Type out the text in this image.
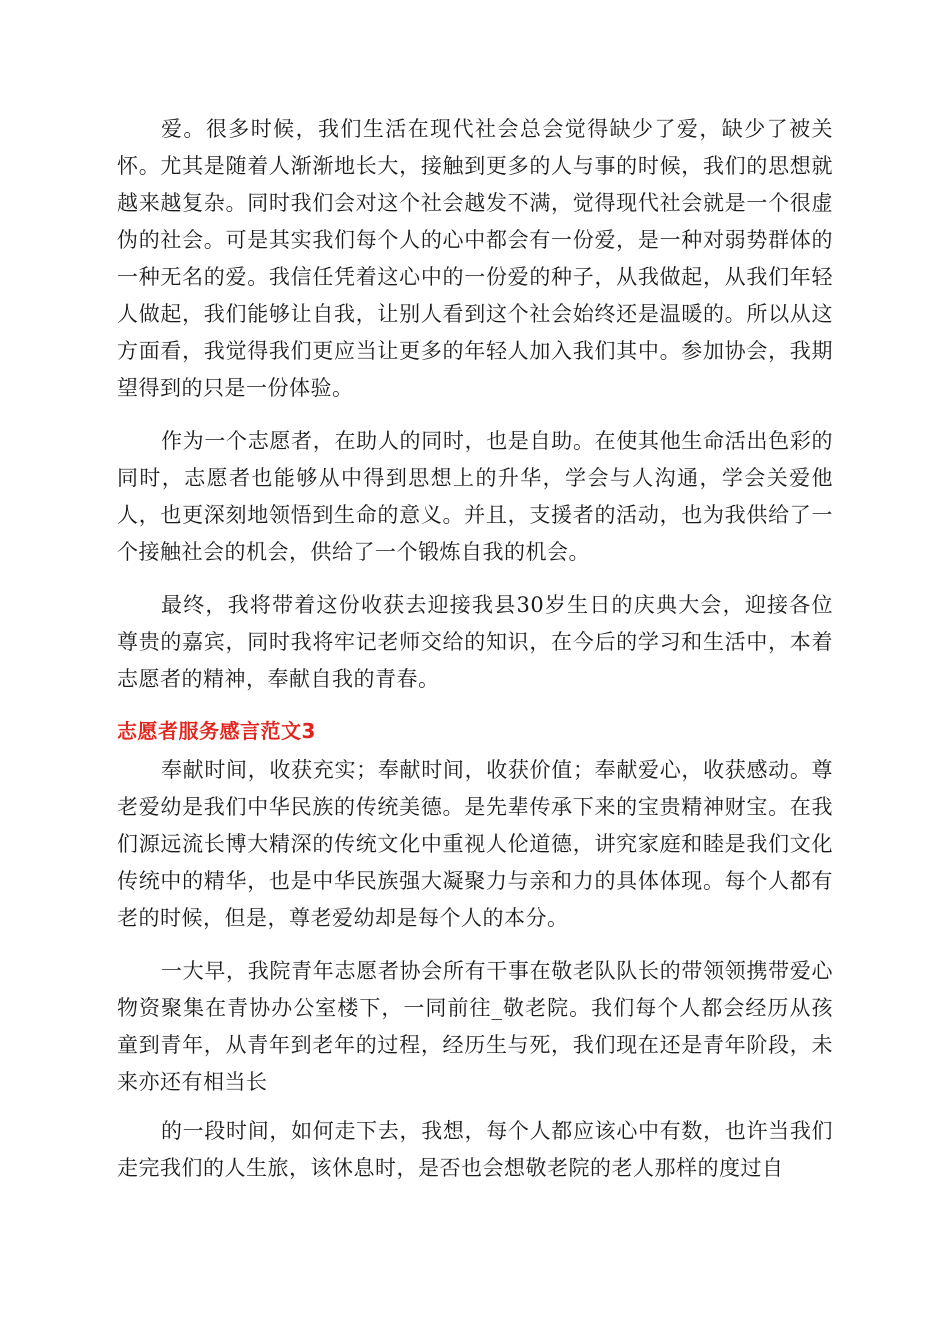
爱。很多时候，我们生活在现代社会总会觉得缺少了爱，缺少了被关怀。尤其是随着人渐渐地长大，接触到更多的人与事的时候，我们的思想就越来越复杂。同时我们会对这个社会越发不满，觉得现代社会就是一个很虚伪的社会。可是其实我们每个人的心中都会有一份爱，是一种对弱势群体的一种无名的爱。我信任凭着这心中的一份爱的种子，从我做起，从我们年轻人做起，我们能够让自我，让别人看到这个社会始终还是温暖的。所以从这方面看，我觉得我们更应当让更多的年轻人加入我们其中。参加协会，我期望得到的只是一份体验。

作为一个志愿者，在助人的同时，也是自助。在使其他生命活出色彩的同时，志愿者也能够从中得到思想上的升华，学会与人沟通，学会关爱他人，也更深刻地领悟到生命的意义。并且，支援者的活动，也为我供给了一个接触社会的机会，供给了一个锻炼自我的机会。

最终，我将带着这份收获去迎接我县30岁生日的庆典大会，迎接各位尊贵的嘉宾，同时我将牢记老师交给的知识，在今后的学习和生活中，本着志愿者的精神，奉献自我的青春。

志愿者服务感言范文3

奉献时间，收获充实；奉献时间，收获价值；奉献爱心，收获感动。尊老爱幼是我们中华民族的传统美德。是先辈传承下来的宝贵精神财宝。在我们源远流长博大精深的传统文化中重视人伦道德，讲究家庭和睦是我们文化传统中的精华，也是中华民族强大凝聚力与亲和力的具体体现。每个人都有老的时候，但是，尊老爱幼却是每个人的本分。

一大早，我院青年志愿者协会所有干事在敬老队队长的带领领携带爱心物资聚集在青协办公室楼下，一同前往_敬老院。我们每个人都会经历从孩童到青年，从青年到老年的过程，经历生与死，我们现在还是青年阶段，未来亦还有相当长

的一段时间，如何走下去，我想，每个人都应该心中有数，也许当我们走完我们的人生旅，该休息时，是否也会想敬老院的老人那样的度过自
